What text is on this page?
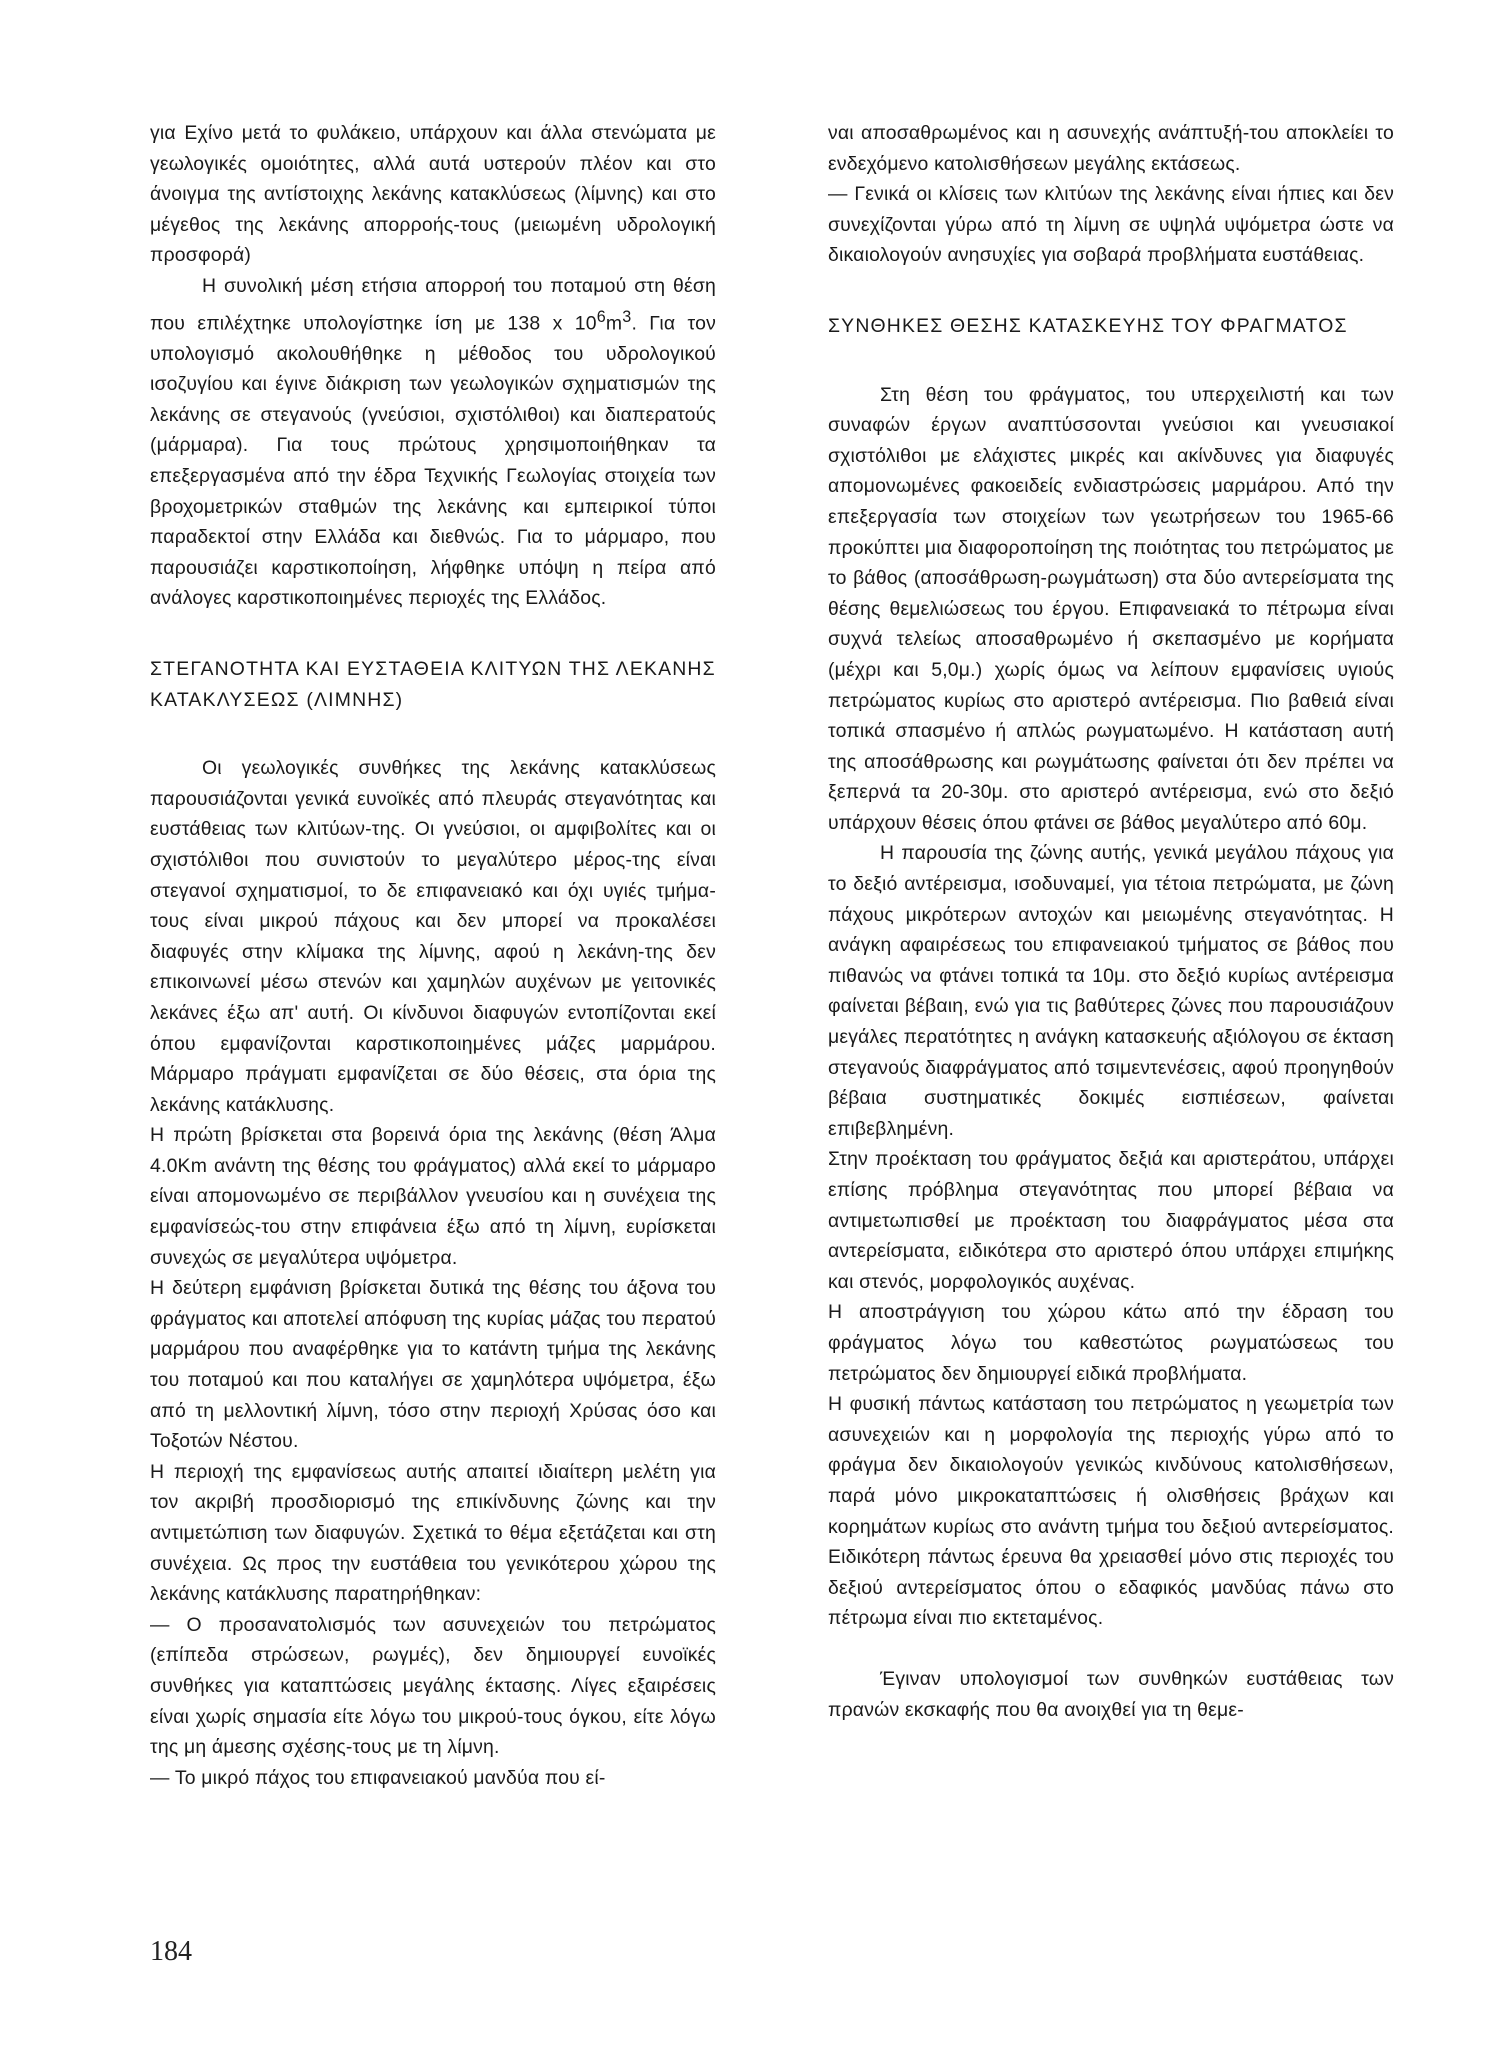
για Εχίνο μετά το φυλάκειο, υπάρχουν και άλλα στενώματα με γεωλογικές ομοιότητες, αλλά αυτά υστερούν πλέον και στο άνοιγμα της αντίστοιχης λεκάνης κατακλύσεως (λίμνης) και στο μέγεθος της λεκάνης απορροής-τους (μειωμένη υδρολογική προσφορά)

Η συνολική μέση ετήσια απορροή του ποταμού στη θέση που επιλέχτηκε υπολογίστηκε ίση με 138 x $10^6m^3$. Για τον υπολογισμό ακολουθήθηκε η μέθοδος του υδρολογικού ισοζυγίου και έγινε διάκριση των γεωλογικών σχηματισμών της λεκάνης σε στεγανούς (γνεύσιοι, σχιστόλιθοι) και διαπερατούς (μάρμαρα). Για τους πρώτους χρησιμοποιήθηκαν τα επεξεργασμένα από την έδρα Τεχνικής Γεωλογίας στοιχεία των βροχομετρικών σταθμών της λεκάνης και εμπειρικοί τύποι παραδεκτοί στην Ελλάδα και διεθνώς. Για το μάρμαρο, που παρουσιάζει καρστικοποίηση, λήφθηκε υπόψη η πείρα από ανάλογες καρστικοποιημένες περιοχές της Ελλάδος.

ΣΤΕΓΑΝΟΤΗΤΑ ΚΑΙ ΕΥΣΤΑΘΕΙΑ ΚΛΙΤΥΩΝ ΤΗΣ ΛΕΚΑΝΗΣ ΚΑΤΑΚΛΥΣΕΩΣ (ΛΙΜΝΗΣ)

Οι γεωλογικές συνθήκες της λεκάνης κατακλύσεως παρουσιάζονται γενικά ευνοϊκές από πλευράς στεγανότητας και ευστάθειας των κλιτύων-της. Οι γνεύσιοι, οι αμφιβολίτες και οι σχιστόλιθοι που συνιστούν το μεγαλύτερο μέρος-της είναι στεγανοί σχηματισμοί, το δε επιφανειακό και όχι υγιές τμήμα-τους είναι μικρού πάχους και δεν μπορεί να προκαλέσει διαφυγές στην κλίμακα της λίμνης, αφού η λεκάνη-της δεν επικοινωνεί μέσω στενών και χαμηλών αυχένων με γειτονικές λεκάνες έξω απ' αυτή. Οι κίνδυνοι διαφυγών εντοπίζονται εκεί όπου εμφανίζονται καρστικοποιημένες μάζες μαρμάρου. Μάρμαρο πράγματι εμφανίζεται σε δύο θέσεις, στα όρια της λεκάνης κατάκλυσης.

Η πρώτη βρίσκεται στα βορεινά όρια της λεκάνης (θέση Άλμα 4.0Km ανάντη της θέσης του φράγματος) αλλά εκεί το μάρμαρο είναι απομονωμένο σε περιβάλλον γνευσίου και η συνέχεια της εμφανίσεώς-του στην επιφάνεια έξω από τη λίμνη, ευρίσκεται συνεχώς σε μεγαλύτερα υψόμετρα.

Η δεύτερη εμφάνιση βρίσκεται δυτικά της θέσης του άξονα του φράγματος και αποτελεί απόφυση της κυρίας μάζας του περατού μαρμάρου που αναφέρθηκε για το κατάντη τμήμα της λεκάνης του ποταμού και που καταλήγει σε χαμηλότερα υψόμετρα, έξω από τη μελλοντική λίμνη, τόσο στην περιοχή Χρύσας όσο και Τοξοτών Νέστου.

Η περιοχή της εμφανίσεως αυτής απαιτεί ιδιαίτερη μελέτη για τον ακριβή προσδιορισμό της επικίνδυνης ζώνης και την αντιμετώπιση των διαφυγών. Σχετικά το θέμα εξετάζεται και στη συνέχεια. Ως προς την ευστάθεια του γενικότερου χώρου της λεκάνης κατάκλυσης παρατηρήθηκαν:

— Ο προσανατολισμός των ασυνεχειών του πετρώματος (επίπεδα στρώσεων, ρωγμές), δεν δημιουργεί ευνοϊκές συνθήκες για καταπτώσεις μεγάλης έκτασης. Λίγες εξαιρέσεις είναι χωρίς σημασία είτε λόγω του μικρού-τους όγκου, είτε λόγω της μη άμεσης σχέσης-τους με τη λίμνη.

— Το μικρό πάχος του επιφανειακού μανδύα που εί-

ναι αποσαθρωμένος και η ασυνεχής ανάπτυξή-του αποκλείει το ενδεχόμενο κατολισθήσεων μεγάλης εκτάσεως.

— Γενικά οι κλίσεις των κλιτύων της λεκάνης είναι ήπιες και δεν συνεχίζονται γύρω από τη λίμνη σε υψηλά υψόμετρα ώστε να δικαιολογούν ανησυχίες για σοβαρά προβλήματα ευστάθειας.

ΣΥΝΘΗΚΕΣ ΘΕΣΗΣ ΚΑΤΑΣΚΕΥΗΣ ΤΟΥ ΦΡΑΓΜΑΤΟΣ

Στη θέση του φράγματος, του υπερχειλιστή και των συναφών έργων αναπτύσσονται γνεύσιοι και γνευσιακοί σχιστόλιθοι με ελάχιστες μικρές και ακίνδυνες για διαφυγές απομονωμένες φακοειδείς ενδιαστρώσεις μαρμάρου. Από την επεξεργασία των στοιχείων των γεωτρήσεων του 1965-66 προκύπτει μια διαφοροποίηση της ποιότητας του πετρώματος με το βάθος (αποσάθρωση-ρωγμάτωση) στα δύο αντερείσματα της θέσης θεμελιώσεως του έργου. Επιφανειακά το πέτρωμα είναι συχνά τελείως αποσαθρωμένο ή σκεπασμένο με κορήματα (μέχρι και 5,0μ.) χωρίς όμως να λείπουν εμφανίσεις υγιούς πετρώματος κυρίως στο αριστερό αντέρεισμα. Πιο βαθειά είναι τοπικά σπασμένο ή απλώς ρωγματωμένο. Η κατάσταση αυτή της αποσάθρωσης και ρωγμάτωσης φαίνεται ότι δεν πρέπει να ξεπερνά τα 20-30μ. στο αριστερό αντέρεισμα, ενώ στο δεξιό υπάρχουν θέσεις όπου φτάνει σε βάθος μεγαλύτερο από 60μ.

Η παρουσία της ζώνης αυτής, γενικά μεγάλου πάχους για το δεξιό αντέρεισμα, ισοδυναμεί, για τέτοια πετρώματα, με ζώνη πάχους μικρότερων αντοχών και μειωμένης στεγανότητας. Η ανάγκη αφαιρέσεως του επιφανειακού τμήματος σε βάθος που πιθανώς να φτάνει τοπικά τα 10μ. στο δεξιό κυρίως αντέρεισμα φαίνεται βέβαιη, ενώ για τις βαθύτερες ζώνες που παρουσιάζουν μεγάλες περατότητες η ανάγκη κατασκευής αξιόλογου σε έκταση στεγανούς διαφράγματος από τσιμεντενέσεις, αφού προηγηθούν βέβαια συστηματικές δοκιμές εισπιέσεων, φαίνεται επιβεβλημένη.

Στην προέκταση του φράγματος δεξιά και αριστεράτου, υπάρχει επίσης πρόβλημα στεγανότητας που μπορεί βέβαια να αντιμετωπισθεί με προέκταση του διαφράγματος μέσα στα αντερείσματα, ειδικότερα στο αριστερό όπου υπάρχει επιμήκης και στενός, μορφολογικός αυχένας.

Η αποστράγγιση του χώρου κάτω από την έδραση του φράγματος λόγω του καθεστώτος ρωγματώσεως του πετρώματος δεν δημιουργεί ειδικά προβλήματα.

Η φυσική πάντως κατάσταση του πετρώματος η γεωμετρία των ασυνεχειών και η μορφολογία της περιοχής γύρω από το φράγμα δεν δικαιολογούν γενικώς κινδύνους κατολισθήσεων, παρά μόνο μικροκαταπτώσεις ή ολισθήσεις βράχων και κορημάτων κυρίως στο ανάντη τμήμα του δεξιού αντερείσματος. Ειδικότερη πάντως έρευνα θα χρειασθεί μόνο στις περιοχές του δεξιού αντερείσματος όπου ο εδαφικός μανδύας πάνω στο πέτρωμα είναι πιο εκτεταμένος.

Έγιναν υπολογισμοί των συνθηκών ευστάθειας των πρανών εκσκαφής που θα ανοιχθεί για τη θεμε-

184
